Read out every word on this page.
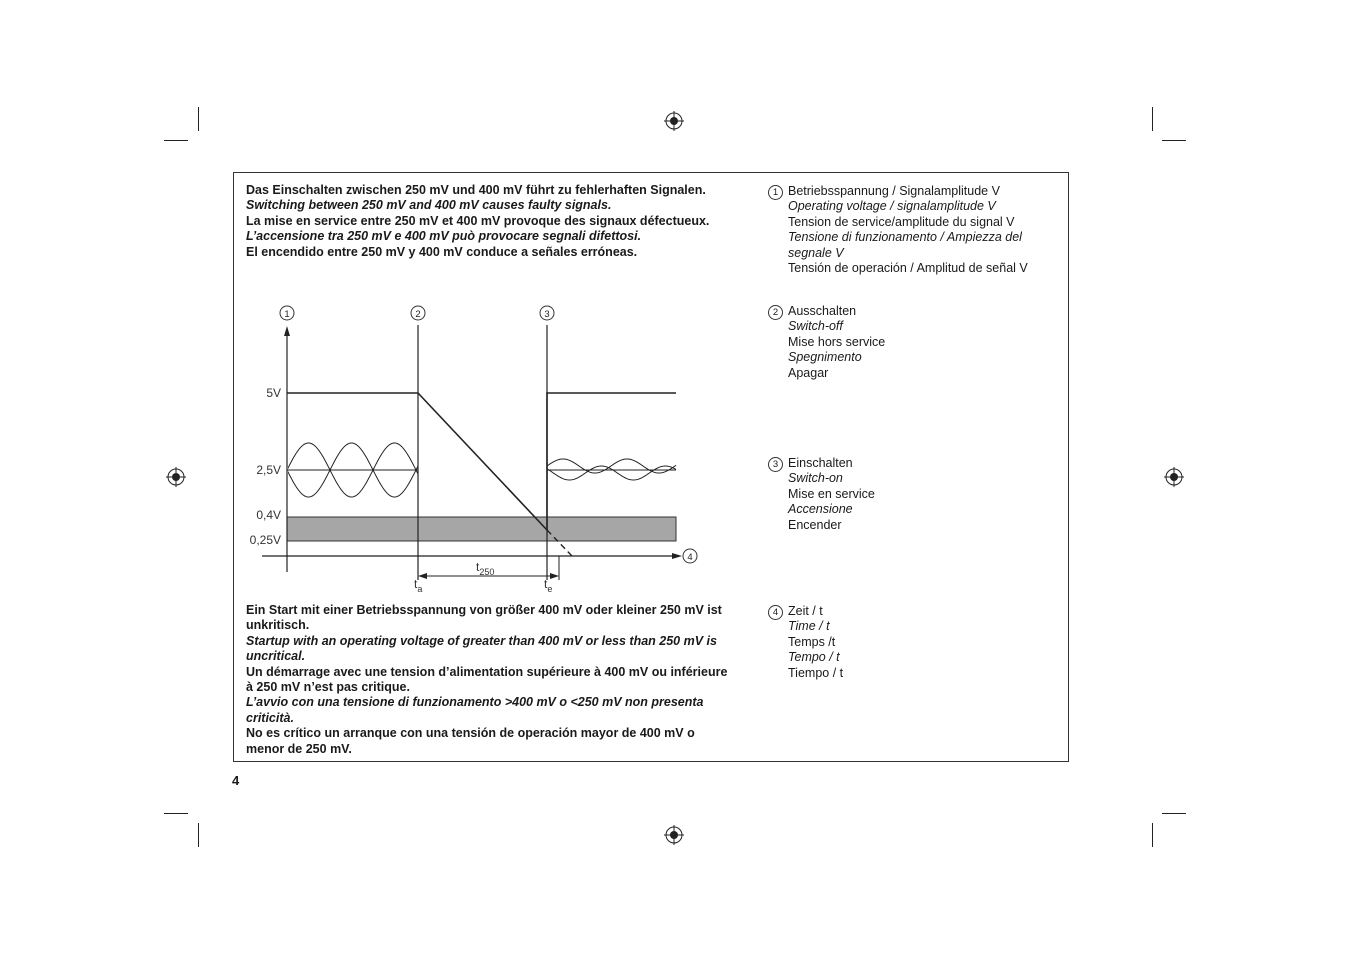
Das Einschalten zwischen 250 mV und 400 mV führt zu fehlerhaften Signalen.
Switching between 250 mV and 400 mV causes faulty signals.
La mise en service entre 250 mV et 400 mV provoque des signaux défectueux.
L’accensione tra 250 mV e 400 mV può provocare segnali difettosi.
El encendido entre 250 mV y 400 mV conduce a señales erróneas.
5V
2,5V
0,4V
0,25V
$t_a$	$t_e$
$t_{250}$
1	2	3
4
Ein Start mit einer Betriebsspannung von größer 400 mV oder kleiner 250 mV ist unkritisch.
Startup with an operating voltage of greater than 400 mV or less than 250 mV is uncritical.
Un démarrage avec une tension d’alimentation supérieure à 400 mV ou inférieure à 250 mV n’est pas critique.
L’avvio con una tensione di funzionamento >400 mV o <250 mV non presenta criticità.
No es crítico un arranque con una tensión de operación mayor de 400 mV o menor de 250 mV.
1 Betriebsspannung / Signalamplitude V
Operating voltage / signalamplitude V
Tension de service/amplitude du signal V
Tensione di funzionamento / Ampiezza del segnale V
Tensión de operación / Amplitud de señal V
2 Ausschalten
Switch-off
Mise hors service
Spegnimento
Apagar
3 Einschalten
Switch-on
Mise en service
Accensione
Encender
4 Zeit / t
Time / t
Temps /t
Tempo / t
Tiempo / t
4
